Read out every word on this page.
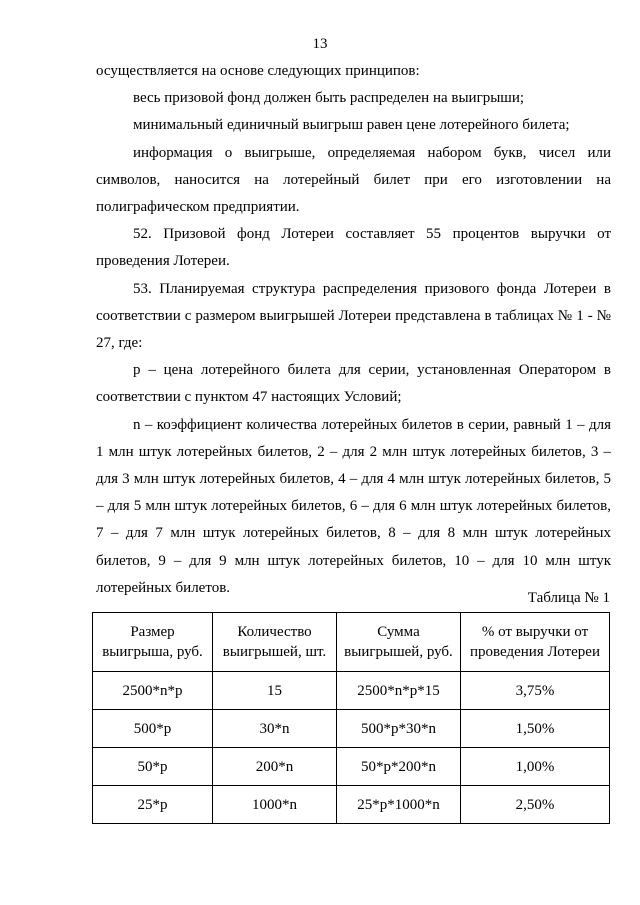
13

осуществляется на основе следующих принципов:

весь призовой фонд должен быть распределен на выигрыши;

минимальный единичный выигрыш равен цене лотерейного билета;

информация о выигрыше, определяемая набором букв, чисел или символов, наносится на лотерейный билет при его изготовлении на полиграфическом предприятии.

52. Призовой фонд Лотереи составляет 55 процентов выручки от проведения Лотереи.

53. Планируемая структура распределения призового фонда Лотереи в соответствии с размером выигрышей Лотереи представлена в таблицах № 1 - № 27, где:

p – цена лотерейного билета для серии, установленная Оператором в соответствии с пунктом 47 настоящих Условий;

n – коэффициент количества лотерейных билетов в серии, равный 1 – для 1 млн штук лотерейных билетов, 2 – для 2 млн штук лотерейных билетов, 3 – для 3 млн штук лотерейных билетов, 4 – для 4 млн штук лотерейных билетов, 5 – для 5 млн штук лотерейных билетов, 6 – для 6 млн штук лотерейных билетов, 7 – для 7 млн штук лотерейных билетов, 8 – для 8 млн штук лотерейных билетов, 9 – для 9 млн штук лотерейных билетов, 10 – для 10 млн штук лотерейных билетов.

Таблица № 1
Размер выигрыша, руб.	Количество выигрышей, шт.	Сумма выигрышей, руб.	% от выручки от проведения Лотереи
2500*n*p	15	2500*n*p*15	3,75%
500*p	30*n	500*p*30*n	1,50%
50*p	200*n	50*p*200*n	1,00%
25*p	1000*n	25*p*1000*n	2,50%
